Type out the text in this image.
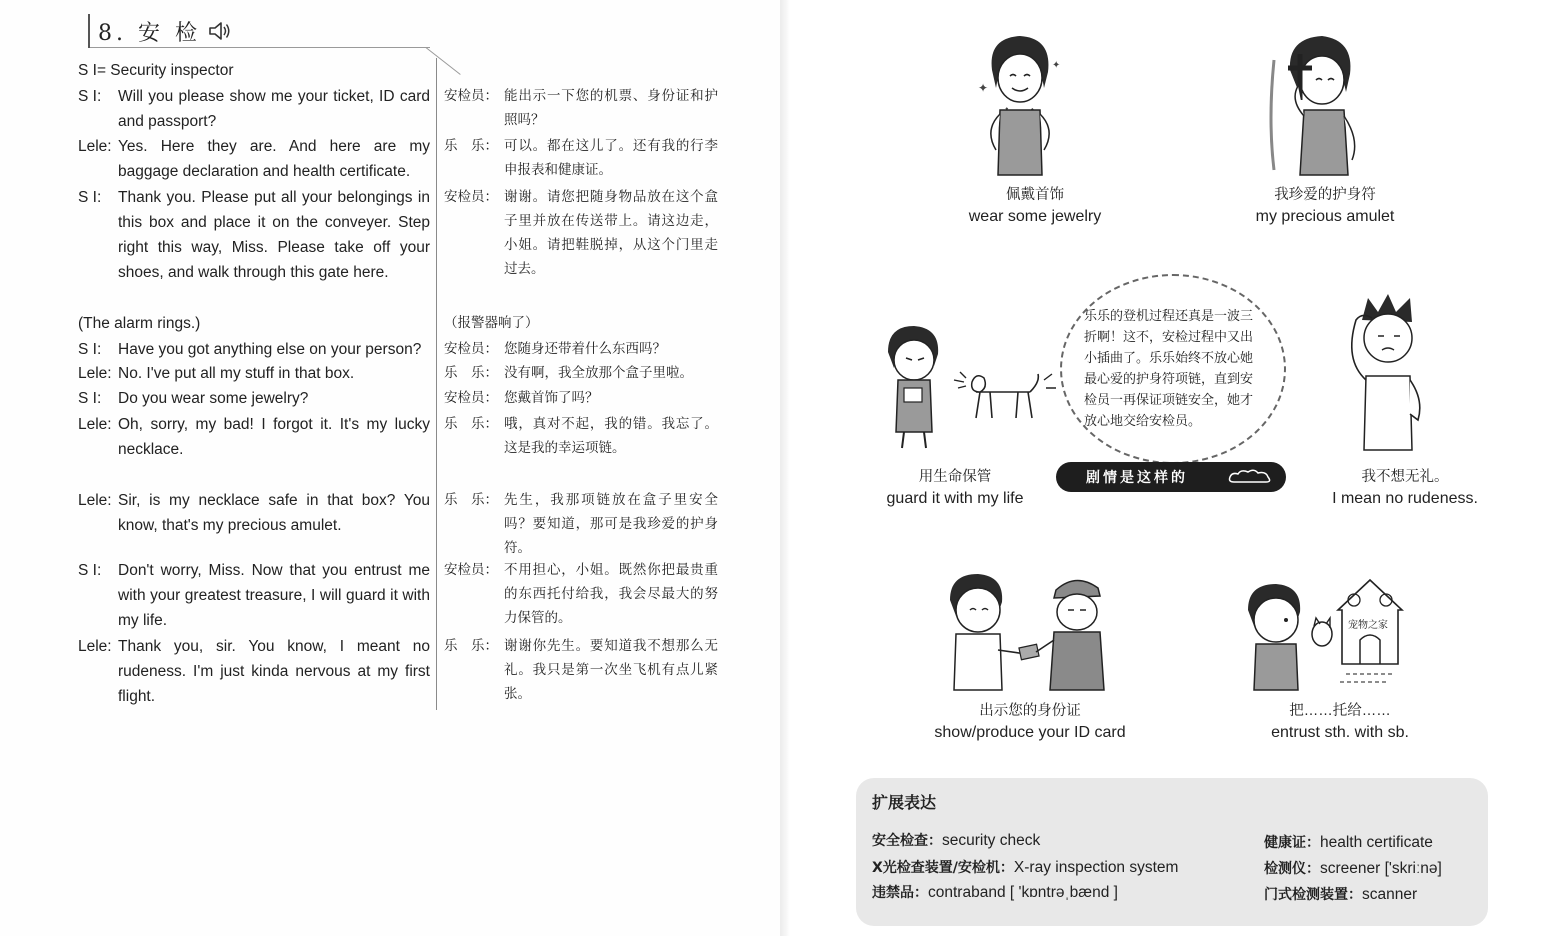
8. 安 检
S I= Security inspector
S I:	Will you please show me your ticket, ID card and passport?
Lele: Yes. Here they are. And here are my baggage declaration and health certificate.
S I:	Thank you. Please put all your belongings in this box and place it on the conveyer. Step right this way, Miss. Please take off your shoes, and walk through this gate here.
(The alarm rings.)
S I:	Have you got anything else on your person?
Lele: No. I've put all my stuff in that box.
S I:	Do you wear some jewelry?
Lele: Oh, sorry, my bad! I forgot it. It's my lucky necklace.
Lele: Sir, is my necklace safe in that box? You know, that's my precious amulet.
S I:	Don't worry, Miss. Now that you entrust me with your greatest treasure, I will guard it with my life.
Lele: Thank you, sir. You know, I meant no rudeness. I'm just kinda nervous at my first flight.
安检员： 能出示一下您的机票、身份证和护照吗？
乐　乐： 可以。都在这儿了。还有我的行李申报表和健康证。
安检员： 谢谢。请您把随身物品放在这个盒子里并放在传送带上。请这边走，小姐。请把鞋脱掉，从这个门里走过去。
（报警器响了）
安检员： 您随身还带着什么东西吗？
乐　乐： 没有啊，我全放那个盒子里啦。
安检员： 您戴首饰了吗？
乐　乐： 哦，真对不起，我的错。我忘了。这是我的幸运项链。
乐　乐： 先生，我那项链放在盒子里安全吗？要知道，那可是我珍爱的护身符。
安检员： 不用担心，小姐。既然你把最贵重的东西托付给我，我会尽最大的努力保管的。
乐　乐： 谢谢你先生。要知道我不想那么无礼。我只是第一次坐飞机有点儿紧张。
✦
✦
佩戴首饰
wear some jewelry
我珍爱的护身符
my precious amulet
用生命保管
guard it with my life
乐乐的登机过程还真是一波三折啊！这不，安检过程中又出小插曲了。乐乐始终不放心她最心爱的护身符项链，直到安检员一再保证项链安全，她才放心地交给安检员。
剧情是这样的	我不想无礼。
I mean no rudeness.
出示您的身份证
show/produce your ID card
宠物之家
把……托给……
entrust sth. with sb.
扩展表达
安全检查：security check
X光检查装置/安检机：X-ray inspection system
违禁品：contraband [ 'kɒntrəˌbænd ]
健康证：health certificate
检测仪：screener ['skriːnə]
门式检测装置：scanner
